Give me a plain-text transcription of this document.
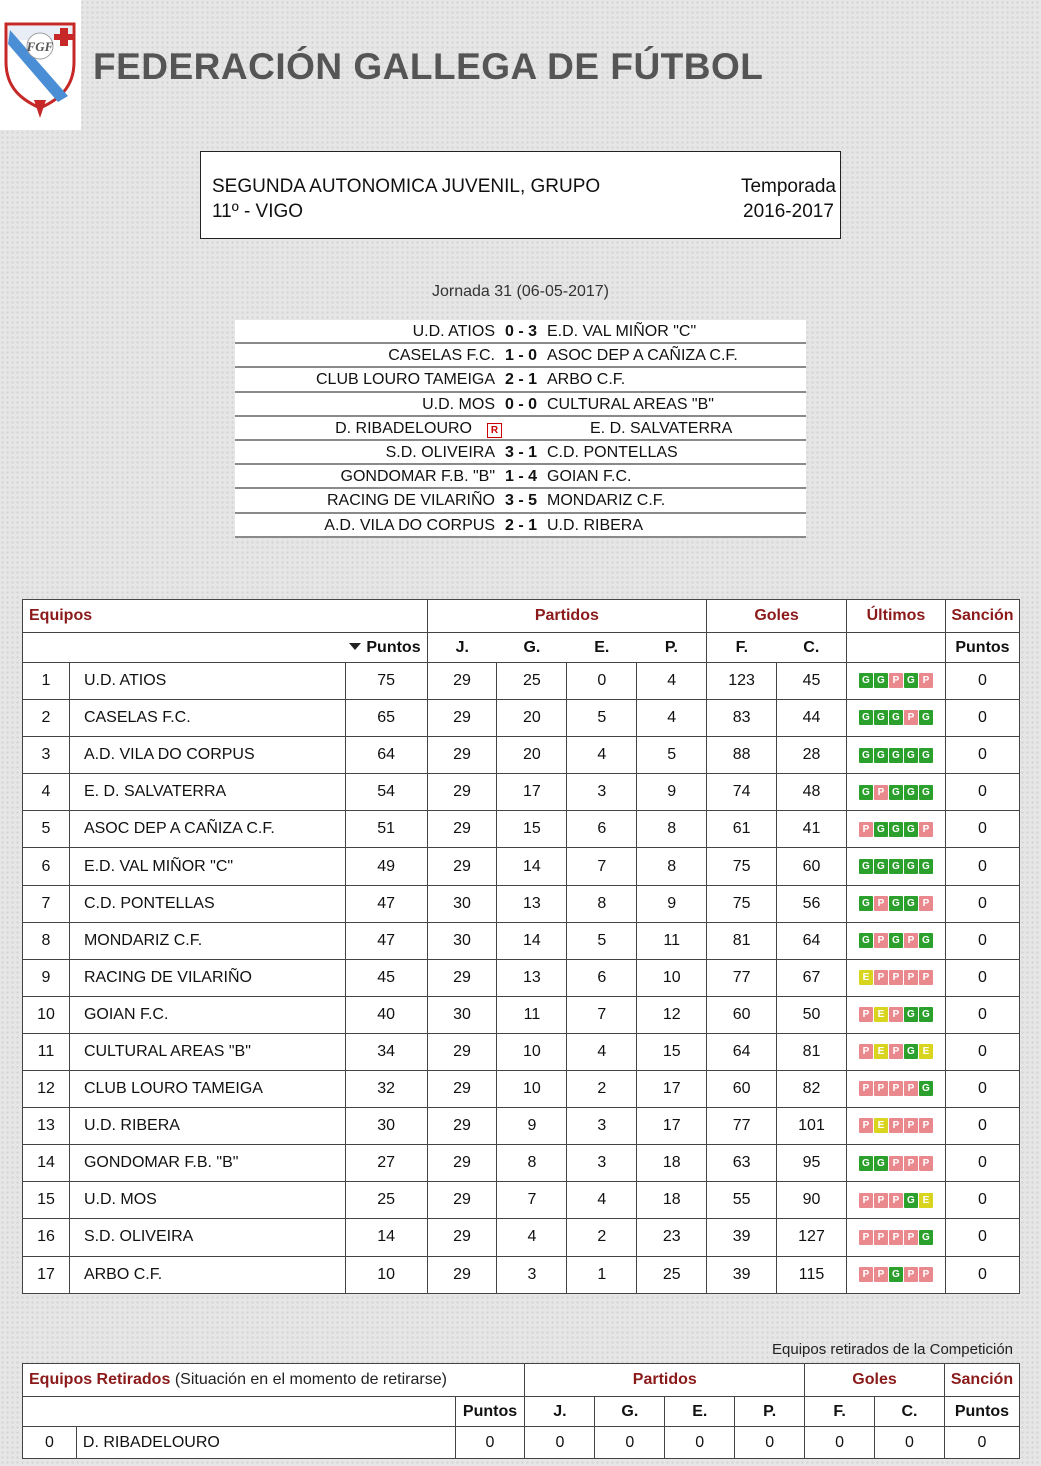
FGF FEDERACIÓN GALLEGA DE FÚTBOL
SEGUNDA AUTONOMICA JUVENIL, GRUPO
11º - VIGO
Temporada
2016-2017
Jornada 31 (06-05-2017)
U.D. ATIOS 0 - 3 E.D. VAL MIÑOR "C"
CASELAS F.C. 1 - 0 ASOC DEP A CAÑIZA C.F.
CLUB LOURO TAMEIGA 2 - 1 ARBO C.F.
U.D. MOS 0 - 0 CULTURAL AREAS "B"
D. RIBADELOURO	R	E. D. SALVATERRA
S.D. OLIVEIRA 3 - 1 C.D. PONTELLAS
GONDOMAR F.B. "B" 1 - 4 GOIAN F.C.
RACING DE VILARIÑO 3 - 5 MONDARIZ C.F.
A.D. VILA DO CORPUS 2 - 1 U.D. RIBERA
Equipos			Partidos				Goles		Últimos	Sanción
		Puntos	J.	G.	E.	P.	F.	C.		Puntos
1	U.D. ATIOS	75	29	25	0	4	123	45	G G P G P	0
2	CASELAS F.C.	65	29	20	5	4	83	44	G G G P G	0
3	A.D. VILA DO CORPUS	64	29	20	4	5	88	28	G G G G G	0
4	E. D. SALVATERRA	54	29	17	3	9	74	48	G P G G G	0
5	ASOC DEP A CAÑIZA C.F.	51	29	15	6	8	61	41	P G G G P	0
6	E.D. VAL MIÑOR "C"	49	29	14	7	8	75	60	G G G G G	0
7	C.D. PONTELLAS	47	30	13	8	9	75	56	G P G G P	0
8	MONDARIZ C.F.	47	30	14	5	11	81	64	G P G P G	0
9	RACING DE VILARIÑO	45	29	13	6	10	77	67	E P P P P	0
10	GOIAN F.C.	40	30	11	7	12	60	50	P E P G G	0
11	CULTURAL AREAS "B"	34	29	10	4	15	64	81	P E P G E	0
12	CLUB LOURO TAMEIGA	32	29	10	2	17	60	82	P P P P G	0
13	U.D. RIBERA	30	29	9	3	17	77	101	P E P P P	0
14	GONDOMAR F.B. "B"	27	29	8	3	18	63	95	G G P P P	0
15	U.D. MOS	25	29	7	4	18	55	90	P P P G E	0
16	S.D. OLIVEIRA	14	29	4	2	23	39	127	P P P P G	0
17	ARBO C.F.	10	29	3	1	25	39	115	P P G P P	0
Equipos retirados de la Competición
Equipos Retirados (Situación en el momento de retirarse)			Partidos				Goles		Sanción
		Puntos	J.	G.	E.	P.	F.	C.	Puntos
0	D. RIBADELOURO	0	0	0	0	0	0	0	0
